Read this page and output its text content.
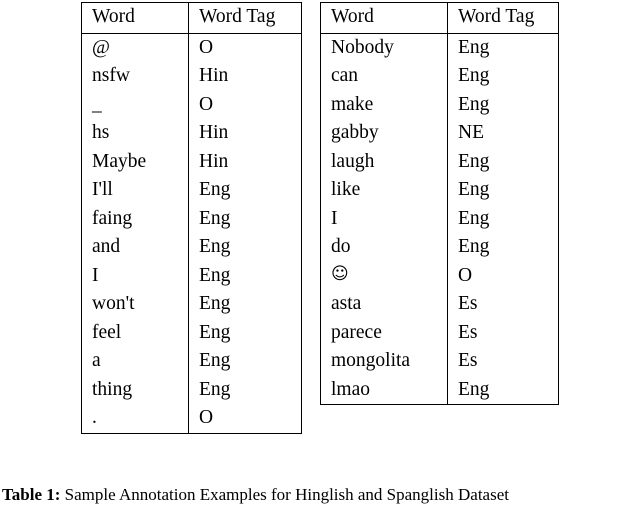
Word	Word Tag
@	O
nsfw	Hin
_	O
hs	Hin
Maybe	Hin
I'll	Eng
faing	Eng
and	Eng
I	Eng
won't	Eng
feel	Eng
a	Eng
thing	Eng
.	O
Word	Word Tag
Nobody	Eng
can	Eng
make	Eng
gabby	NE
laugh	Eng
like	Eng
I	Eng
do	Eng
☺	O
asta	Es
parece	Es
mongolita	Es
lmao	Eng
Table 1: Sample Annotation Examples for Hinglish and Spanglish Dataset
